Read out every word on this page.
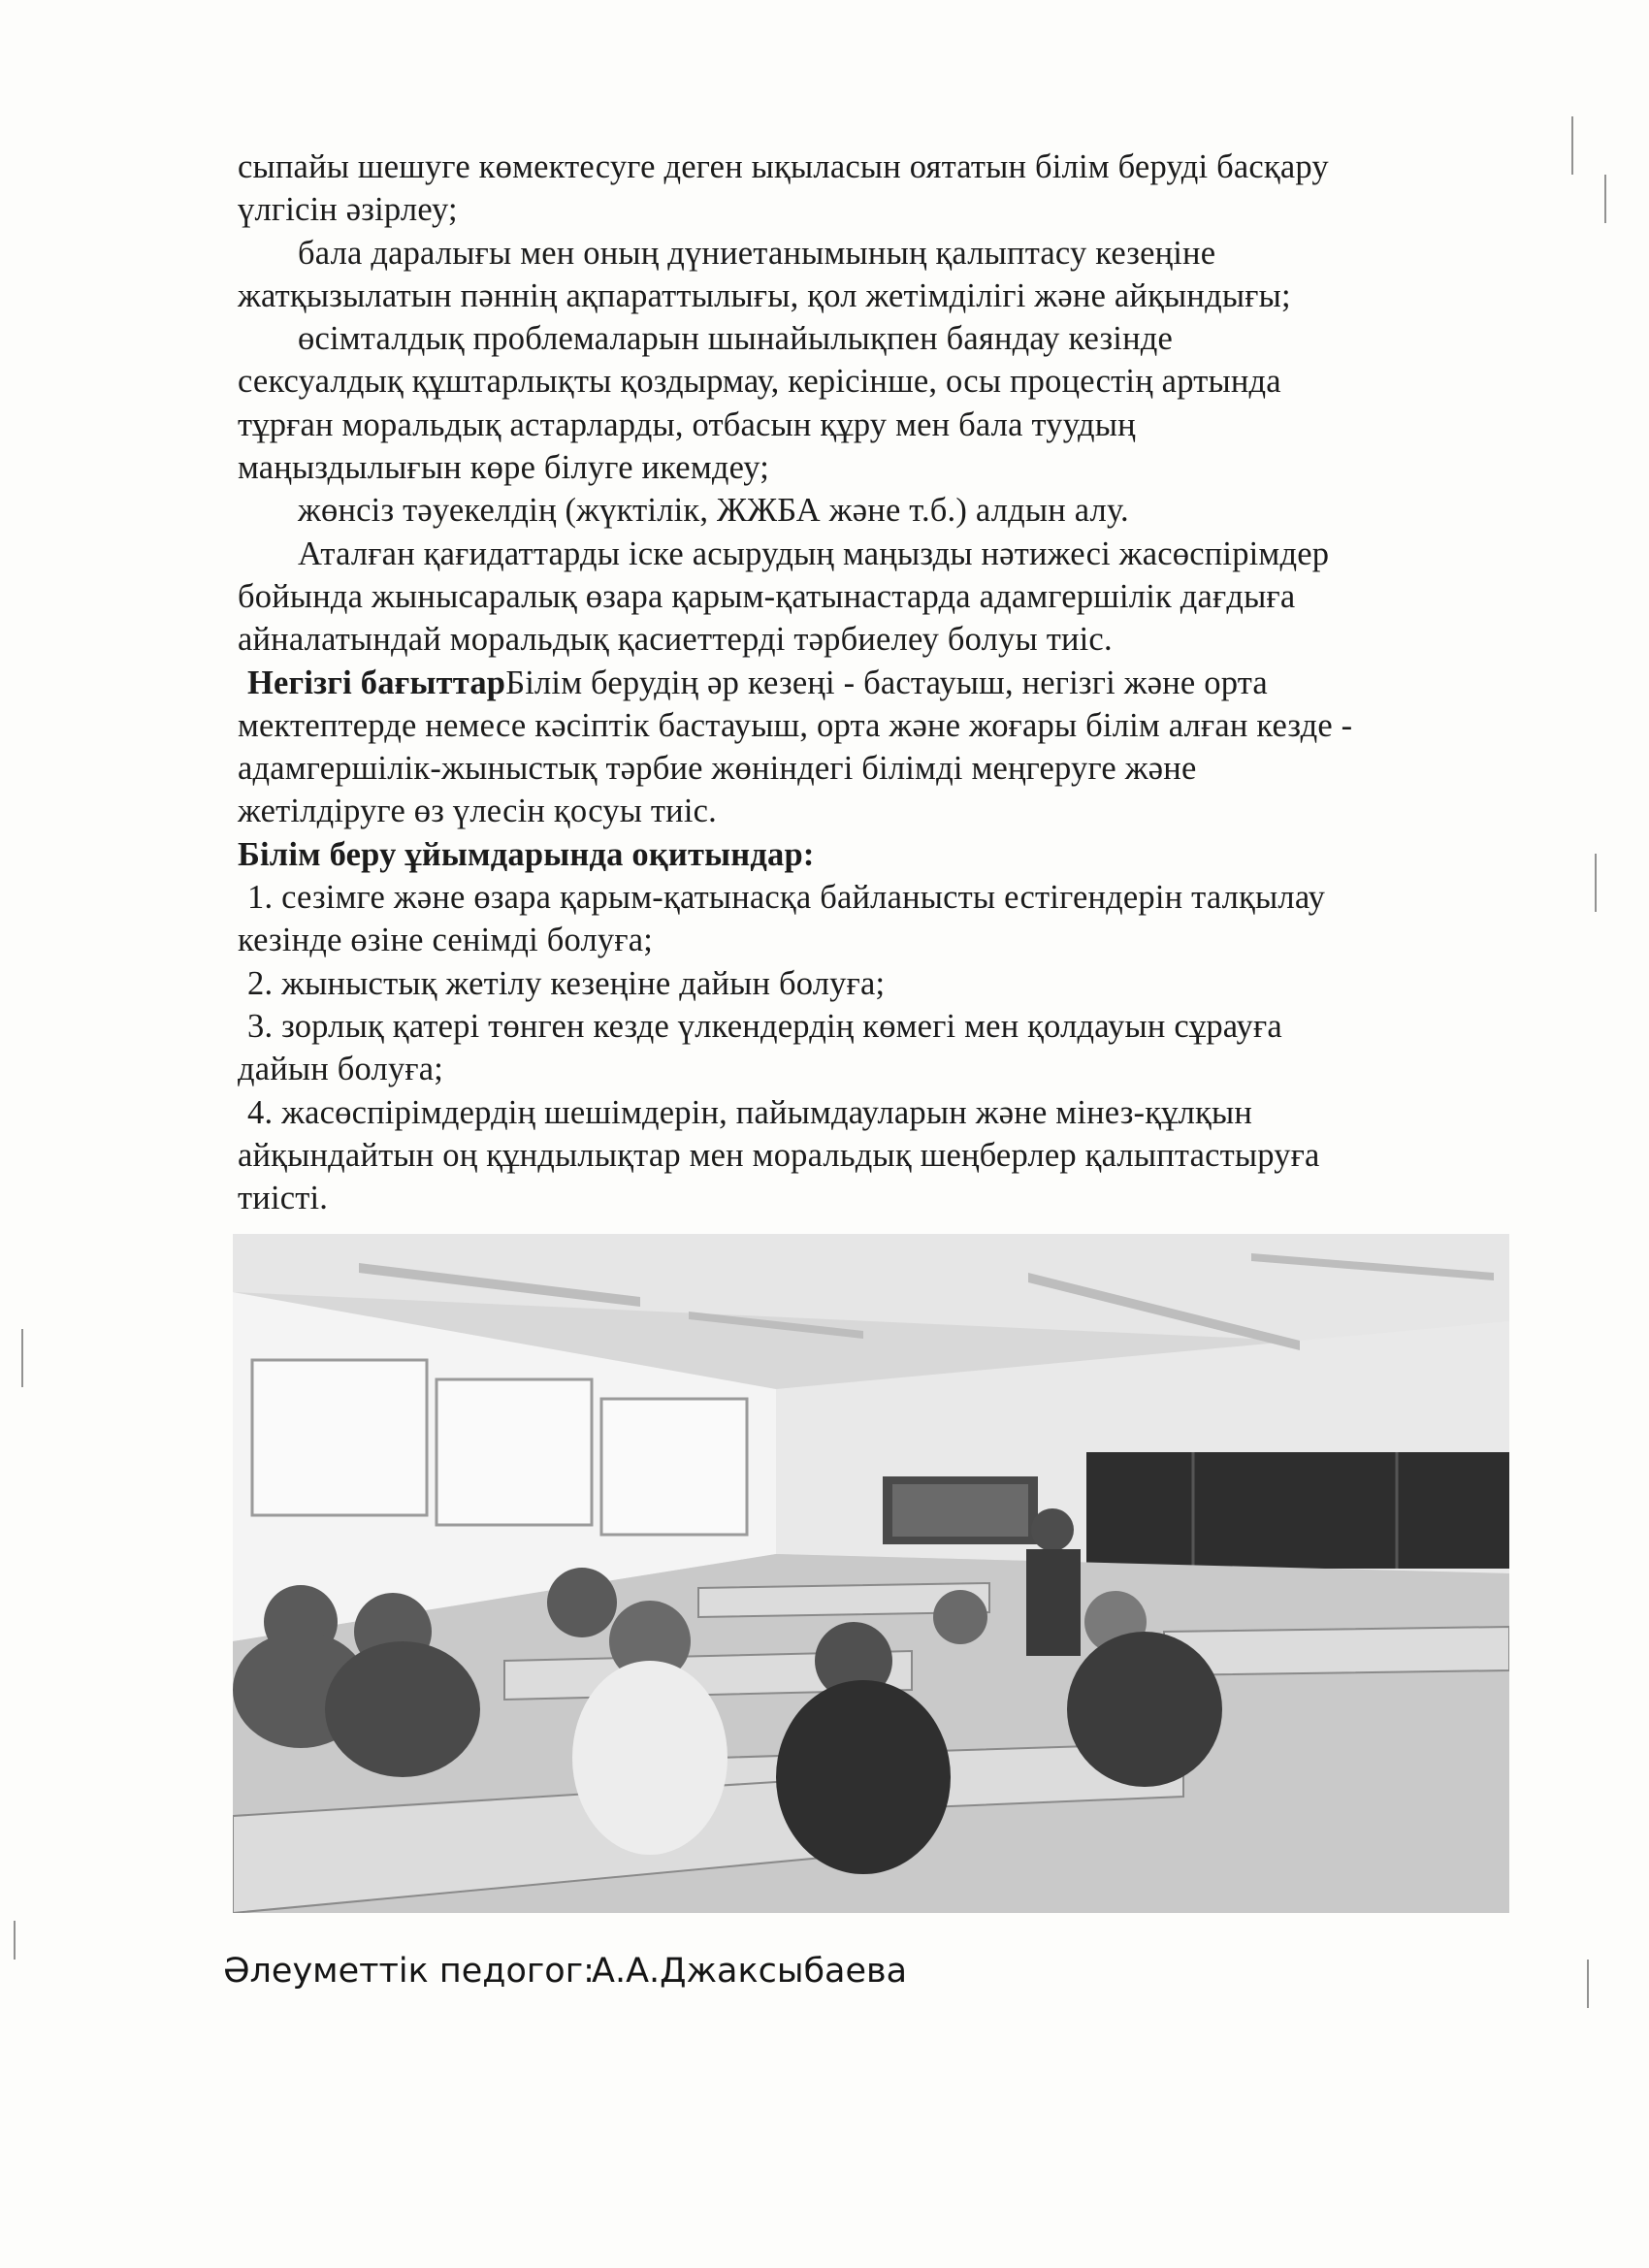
сыпайы шешуге көмектесуге деген ықыласын оятатын білім беруді басқару

үлгісін әзірлеу;

бала даралығы мен оның дүниетанымының қалыптасу кезеңіне

жатқызылатын пәннің ақпараттылығы, қол жетімділігі және айқындығы;

өсімталдық проблемаларын шынайылықпен баяндау кезінде

сексуалдық құштарлықты қоздырмау, керісінше, осы процестің артында

тұрған моральдық астарларды, отбасын құру мен бала туудың

маңыздылығын көре білуге икемдеу;

жөнсіз тәуекелдің (жүктілік, ЖЖБА және т.б.) алдын алу.

Аталған қағидаттарды іске асырудың маңызды нәтижесі жасөспірімдер

бойында жынысаралық өзара қарым-қатынастарда адамгершілік дағдыға

айналатындай моральдық қасиеттерді тәрбиелеу болуы тиіс.

Негізгі бағыттарБілім берудің әр кезеңі - бастауыш, негізгі және орта

мектептерде немесе кәсіптік бастауыш, орта және жоғары білім алған кезде -

адамгершілік-жыныстық тәрбие жөніндегі білімді меңгеруге және

жетілдіруге өз үлесін қосуы тиіс.

Білім беру ұйымдарында оқитындар:

1. сезімге және өзара қарым-қатынасқа байланысты естігендерін талқылау

кезінде өзіне сенімді болуға;

2. жыныстық жетілу кезеңіне дайын болуға;

3. зорлық қатері төнген кезде үлкендердің көмегі мен қолдауын сұрауға

дайын болуға;

4. жасөспірімдердің шешімдерін, пайымдауларын және мінез-құлқын

айқындайтын оң құндылықтар мен моральдық шеңберлер қалыптастыруға

тиісті.

Әлеуметтік педогог:А.А.Джаксыбаева
